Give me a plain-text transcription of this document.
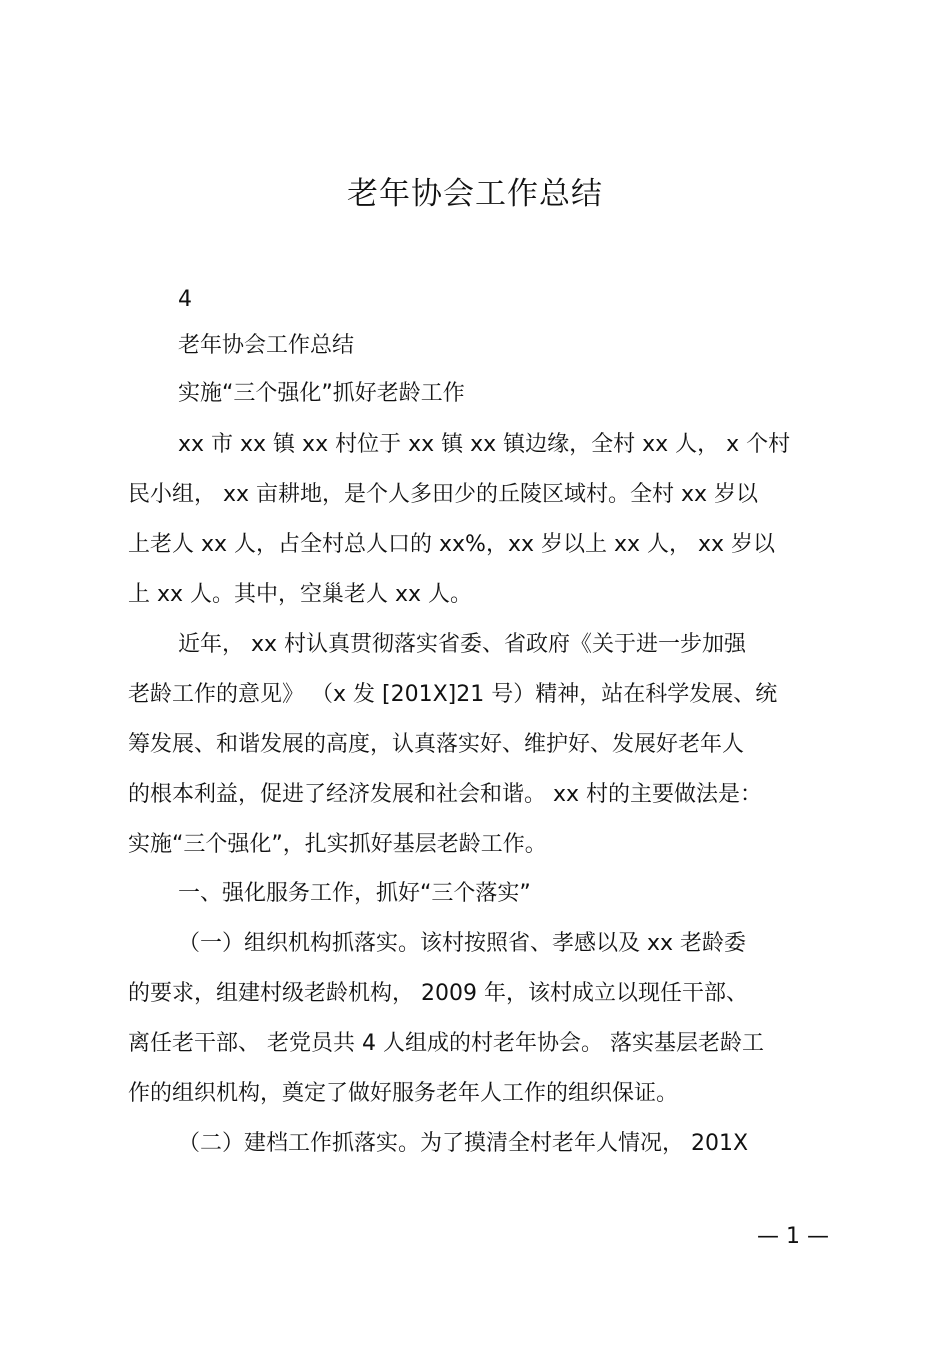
老年协会工作总结
4
老年协会工作总结
实施“三个强化”抓好老龄工作
xx 市 xx 镇 xx 村位于 xx 镇 xx 镇边缘，全村 xx 人， x 个村
民小组， xx 亩耕地，是个人多田少的丘陵区域村。全村 xx 岁以
上老人 xx 人，占全村总人口的 xx%，xx 岁以上 xx 人， xx 岁以
上 xx 人。其中，空巢老人 xx 人。
近年， xx 村认真贯彻落实省委、省政府《关于进一步加强
老龄工作的意见》 （x 发 [201X]21 号）精神，站在科学发展、统
筹发展、和谐发展的高度，认真落实好、维护好、发展好老年人
的根本利益，促进了经济发展和社会和谐。 xx 村的主要做法是：
实施“三个强化”，扎实抓好基层老龄工作。
一、强化服务工作，抓好“三个落实”
（一）组织机构抓落实。该村按照省、孝感以及 xx 老龄委
的要求，组建村级老龄机构， 2009 年，该村成立以现任干部、
离任老干部、 老党员共 4 人组成的村老年协会。 落实基层老龄工
作的组织机构，奠定了做好服务老年人工作的组织保证。
（二）建档工作抓落实。为了摸清全村老年人情况， 201X
— 1 —
